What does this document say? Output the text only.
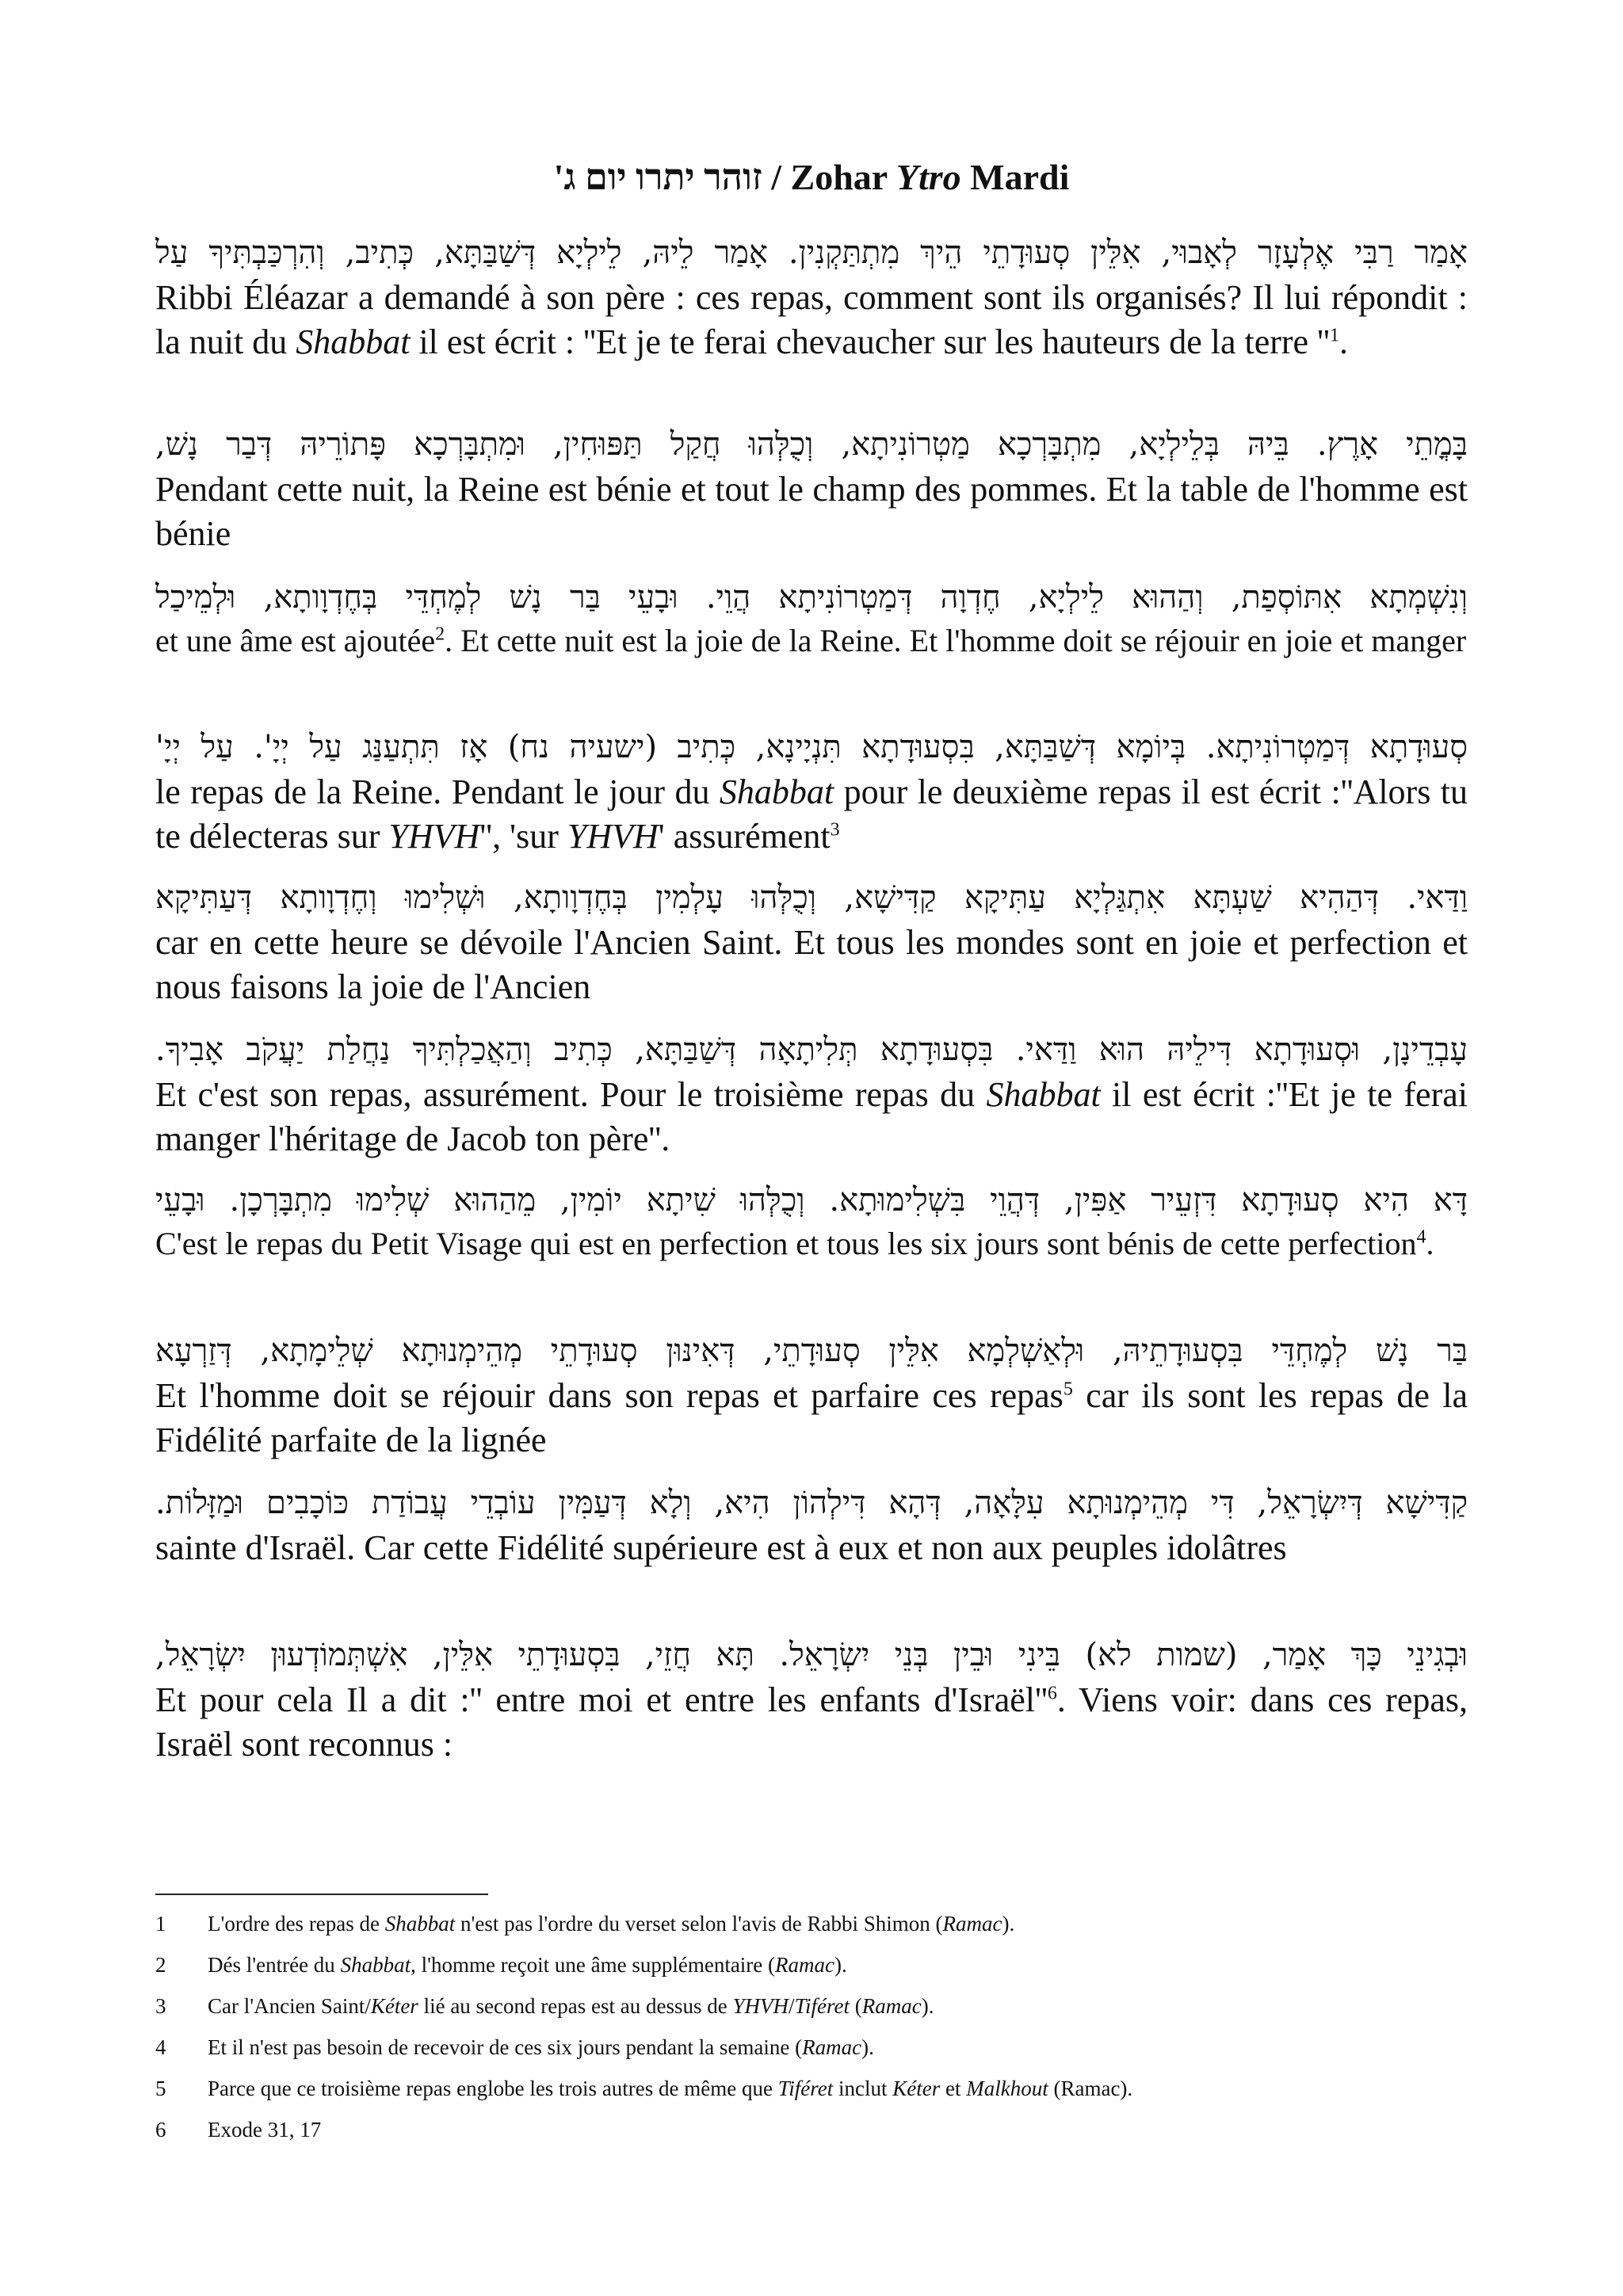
זוהר יתרו יום ג' / Zohar Ytro Mardi
אָמַר רַבִּי אֶלְעָזָר לְאָבוּי, אִלֵּין סְעוּדָתֵי הֵיךְ מִתְתַּקְנִין. אָמַר לֵיהּ, לֵילְיָא דְּשַׁבַּתָּא, כְּתִיב, וְהִרְכַּבְתִּיךָ עַל
Ribbi Éléazar a demandé à son père : ces repas, comment sont ils organisés? Il lui répondit : la nuit du Shabbat il est écrit : ''Et je te ferai chevaucher sur les hauteurs de la terre ''$^1$.
בָּמֳתֵי אָרֶץ. בֵּיהּ בְּלֵילְיָא, מִתְבָּרְכָא מַטְרוֹנִיתָא, וְכֻלְּהוּ חֲקַל תַּפּוּחִין, וּמִתְבָּרְכָא פָּתוֹרֵיהּ דְּבַר נָשׁ,
Pendant cette nuit, la Reine est bénie et tout le champ des pommes. Et la table de l'homme est bénie
וְנִשְׁמְתָא אִתּוֹסְפַת, וְהַהוּא לֵילְיָא, חֶדְוָה דְּמַטְרוֹנִיתָא הֲוֵי. וּבָעֵי בַּר נָשׁ לְמֶחְדֵּי בְּחֶדְוָותָא, וּלְמֵיכַל
et une âme est ajoutée$^2$. Et cette nuit est la joie de la Reine. Et l'homme doit se réjouir en joie et manger
סְעוּדָתָא דְּמַטְרוֹנִיתָא. בְּיוֹמָא דְּשַׁבַּתָּא, בִּסְעוּדָתָא תִּנְיָינָא, כְּתִיב (ישעיה נח) אָז תִּתְעַנַּג עַל יְיָ'. עַל יְיָ'
le repas de la Reine. Pendant le jour du Shabbat pour le deuxième repas il est écrit :''Alors tu te délecteras sur YHVH'', 'sur YHVH' assurément$^3$
וַדַּאי. דְּהַהִיא שַׁעְתָּא אִתְגַּלְיָא עַתִּיקָא קַדִּישָׁא, וְכֻלְּהוּ עָלְמִין בְּחֶדְוָותָא, וּשְׁלִימוּ וְחֶדְוָותָא דְּעַתִּיקָא
car en cette heure se dévoile l'Ancien Saint. Et tous les mondes sont en joie et perfection et nous faisons la joie de l'Ancien
עָבְדֵינָן, וּסְעוּדָתָא דִּילֵיהּ הוּא וַדַּאי. בִּסְעוּדָתָא תְּלִיתָאָה דְּשַׁבַּתָּא, כְּתִיב וְהַאֲכַלְתִּיךָ נַחֲלַת יַעֲקֹב אָבִיךָ.
Et c'est son repas, assurément. Pour le troisième repas du Shabbat il est écrit :''Et je te ferai manger l'héritage de Jacob ton père''.
דָּא הִיא סְעוּדָתָא דִּזְעֵיר אַפִּין, דְּהֲוֵי בִּשְׁלִימוּתָא. וְכֻלְּהוּ שִׁיתָא יוֹמִין, מֵהַהוּא שְׁלִימוּ מִתְבָּרְכָן. וּבָעֵי
C'est le repas du Petit Visage qui est en perfection et tous les six jours sont bénis de cette perfection$^4$.
בַּר נָשׁ לְמֶחְדֵּי בִּסְעוּדָתֵיהּ, וּלְאַשְׁלְמָא אִלֵּין סְעוּדָתֵי, דְּאִינּוּן סְעוּדָתֵי מְהֵימְנוּתָא שְׁלֵימָתָא, דְּזַרְעָא
Et l'homme doit se réjouir dans son repas et parfaire ces repas$^5$ car ils sont les repas de la Fidélité parfaite de la lignée
קַדִּישָׁא דְּיִשְׂרָאֵל, דִּי מְהֵימְנוּתָא עִלָּאָה, דְּהָא דִּילְהוֹן הִיא, וְלָא דְּעַמִּין עוֹבְדֵי עֲבוֹדַת כּוֹכָבִים וּמַזָּלוֹת.
sainte d'Israël. Car cette Fidélité supérieure est à eux et non aux peuples idolâtres
וּבְגִינֵי כָּךְ אָמַר, (שמות לא) בֵּינִי וּבֵין בְּנֵי יִשְׂרָאֵל. תָּא חֲזֵי, בִּסְעוּדָתֵי אִלֵּין, אִשְׁתְּמוֹדְעוּן יִשְׂרָאֵל,
Et pour cela Il a dit :'' entre moi et entre les enfants $d'Israël''^6$. Viens voir: dans ces repas, Israël sont reconnus :
1	L'ordre des repas de Shabbat n'est pas l'ordre du verset selon l'avis de Rabbi Shimon (Ramac).
2	Dés l'entrée du Shabbat, l'homme reçoit une âme supplémentaire (Ramac).
3	Car l'Ancien Saint/Kéter lié au second repas est au dessus de YHVH/Tiféret (Ramac).
4	Et il n'est pas besoin de recevoir de ces six jours pendant la semaine (Ramac).
5	Parce que ce troisième repas englobe les trois autres de même que Tiféret inclut Kéter et Malkhout (Ramac).
6	Exode 31, 17
